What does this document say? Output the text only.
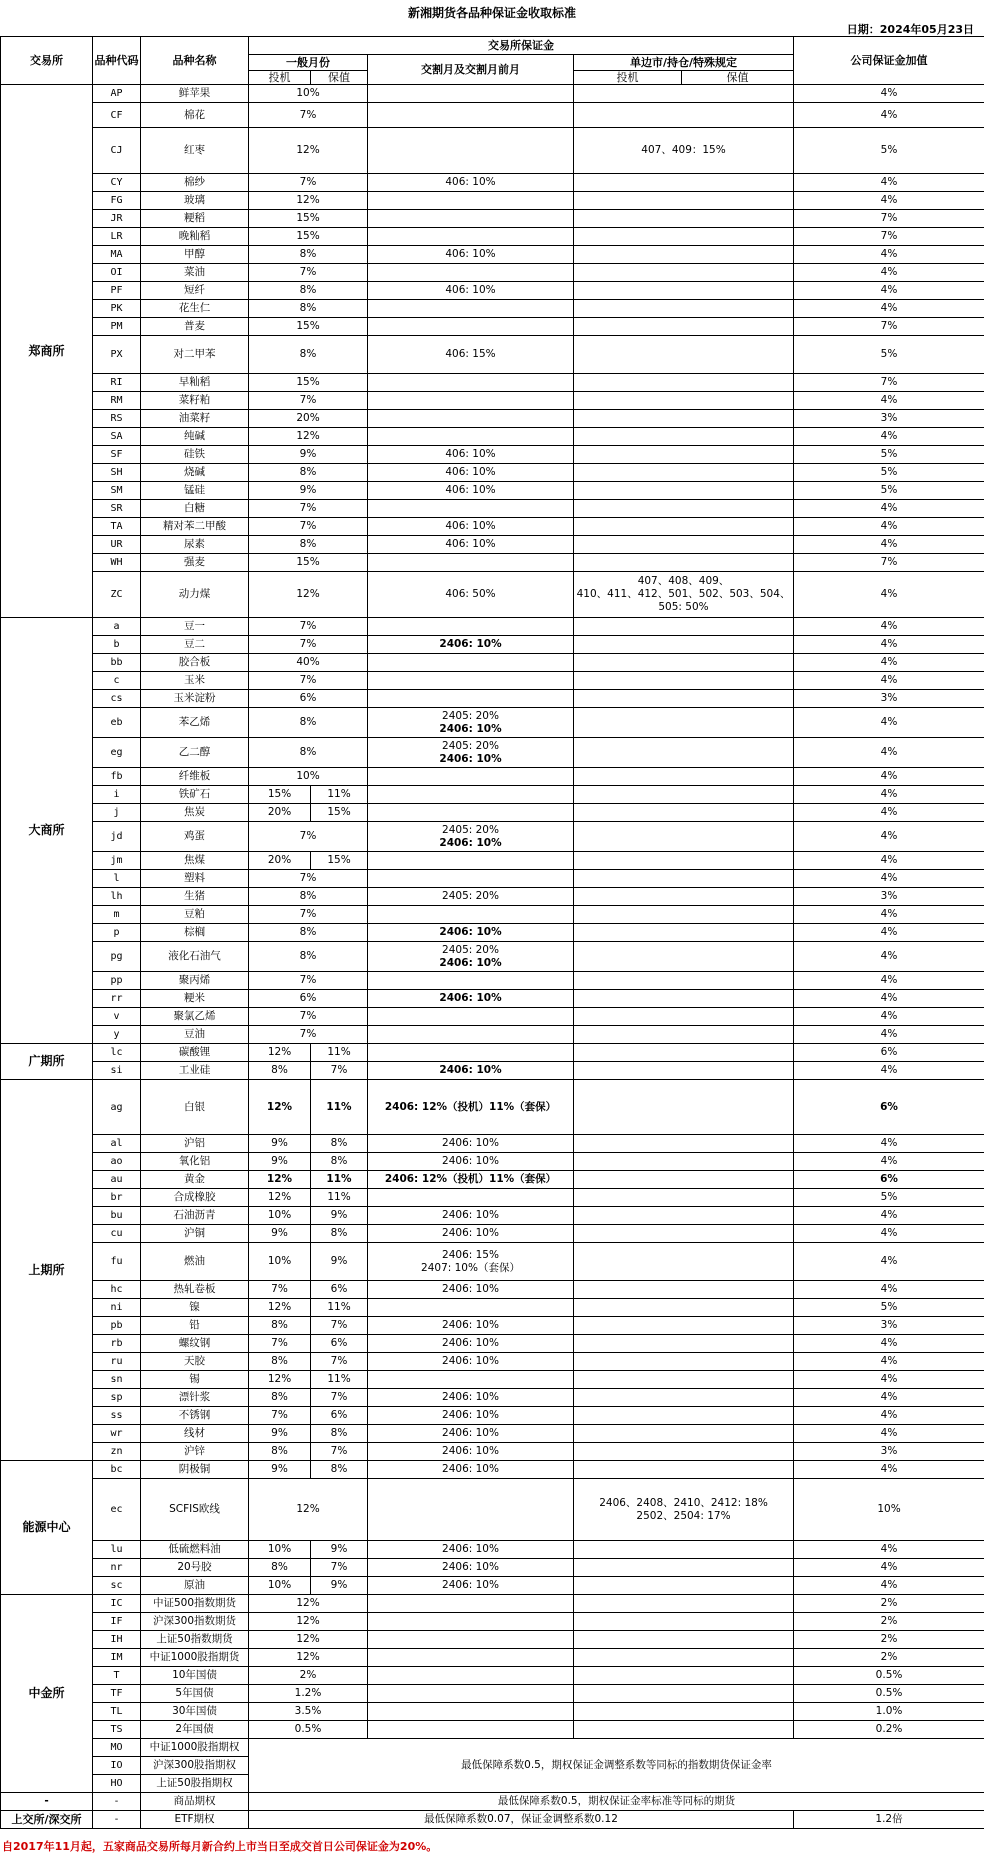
新湘期货各品种保证金收取标准
日期：2024年05月23日
交易所	品种代码	品种名称	交易所保证金					公司保证金加值
			一般月份		交割月及交割月前月	单边市/持仓/特殊规定		
			投机	保值		投机	保值	
郑商所	AP	鲜苹果	10%					4%
	CF	棉花	7%					4%
	CJ	红枣	12%			407、409：15%		5%
	CY	棉纱	7%		406: 10%			4%
	FG	玻璃	12%					4%
	JR	粳稻	15%					7%
	LR	晚籼稻	15%					7%
	MA	甲醇	8%		406: 10%			4%
	OI	菜油	7%					4%
	PF	短纤	8%		406: 10%			4%
	PK	花生仁	8%					4%
	PM	普麦	15%					7%
	PX	对二甲苯	8%		406: 15%			5%
	RI	早籼稻	15%					7%
	RM	菜籽粕	7%					4%
	RS	油菜籽	20%					3%
	SA	纯碱	12%					4%
	SF	硅铁	9%		406: 10%			5%
	SH	烧碱	8%		406: 10%			5%
	SM	锰硅	9%		406: 10%			5%
	SR	白糖	7%					4%
	TA	精对苯二甲酸	7%		406: 10%			4%
	UR	尿素	8%		406: 10%			4%
	WH	强麦	15%					7%
	ZC	动力煤	12%		406: 50%	407、408、409、
410、411、412、501、502、503、504、
505: 50%		4%
大商所	a	豆一	7%					4%
	b	豆二	7%		2406: 10%			4%
	bb	胶合板	40%					4%
	c	玉米	7%					4%
	cs	玉米淀粉	6%					3%
	eb	苯乙烯	8%		2405: 20%
2406: 10%			4%
	eg	乙二醇	8%		2405: 20%
2406: 10%			4%
	fb	纤维板	10%					4%
	i	铁矿石	15%	11%				4%
	j	焦炭	20%	15%				4%
	jd	鸡蛋	7%		2405: 20%
2406: 10%			4%
	jm	焦煤	20%	15%				4%
	l	塑料	7%					4%
	lh	生猪	8%		2405: 20%			3%
	m	豆粕	7%					4%
	p	棕榈	8%		2406: 10%			4%
	pg	液化石油气	8%		2405: 20%
2406: 10%			4%
	pp	聚丙烯	7%					4%
	rr	粳米	6%		2406: 10%			4%
	v	聚氯乙烯	7%					4%
	y	豆油	7%					4%
广期所	lc	碳酸锂	12%	11%				6%
	si	工业硅	8%	7%	2406: 10%			4%
上期所	ag	白银	12%	11%	2406: 12%（投机）11%（套保）			6%
	al	沪铝	9%	8%	2406: 10%			4%
	ao	氧化铝	9%	8%	2406: 10%			4%
	au	黄金	12%	11%	2406: 12%（投机）11%（套保）			6%
	br	合成橡胶	12%	11%				5%
	bu	石油沥青	10%	9%	2406: 10%			4%
	cu	沪铜	9%	8%	2406: 10%			4%
	fu	燃油	10%	9%	2406: 15%
2407: 10%（套保）			4%
	hc	热轧卷板	7%	6%	2406: 10%			4%
	ni	镍	12%	11%				5%
	pb	铅	8%	7%	2406: 10%			3%
	rb	螺纹钢	7%	6%	2406: 10%			4%
	ru	天胶	8%	7%	2406: 10%			4%
	sn	锡	12%	11%				4%
	sp	漂针浆	8%	7%	2406: 10%			4%
	ss	不锈钢	7%	6%	2406: 10%			4%
	wr	线材	9%	8%	2406: 10%			4%
	zn	沪锌	8%	7%	2406: 10%			3%
能源中心	bc	阴极铜	9%	8%	2406: 10%			4%
	ec	SCFIS欧线	12%			2406、2408、2410、2412: 18%
2502、2504: 17%		10%
	lu	低硫燃料油	10%	9%	2406: 10%			4%
	nr	20号胶	8%	7%	2406: 10%			4%
	sc	原油	10%	9%	2406: 10%			4%
中金所	IC	中证500指数期货	12%					2%
	IF	沪深300指数期货	12%					2%
	IH	上证50指数期货	12%					2%
	IM	中证1000股指期货	12%					2%
	T	10年国债	2%					0.5%
	TF	5年国债	1.2%					0.5%
	TL	30年国债	3.5%					1.0%
	TS	2年国债	0.5%					0.2%
	MO	中证1000股指期权	最低保障系数0.5，期权保证金调整系数等同标的指数期货保证金率					
	IO	沪深300股指期权						
	HO	上证50股指期权						
-	-	商品期权	最低保障系数0.5，期权保证金率标准等同标的期货					
上交所/深交所	-	ETF期权	最低保障系数0.07，保证金调整系数0.12					1.2倍
自2017年11月起，五家商品交易所每月新合约上市当日至成交首日公司保证金为20%。
